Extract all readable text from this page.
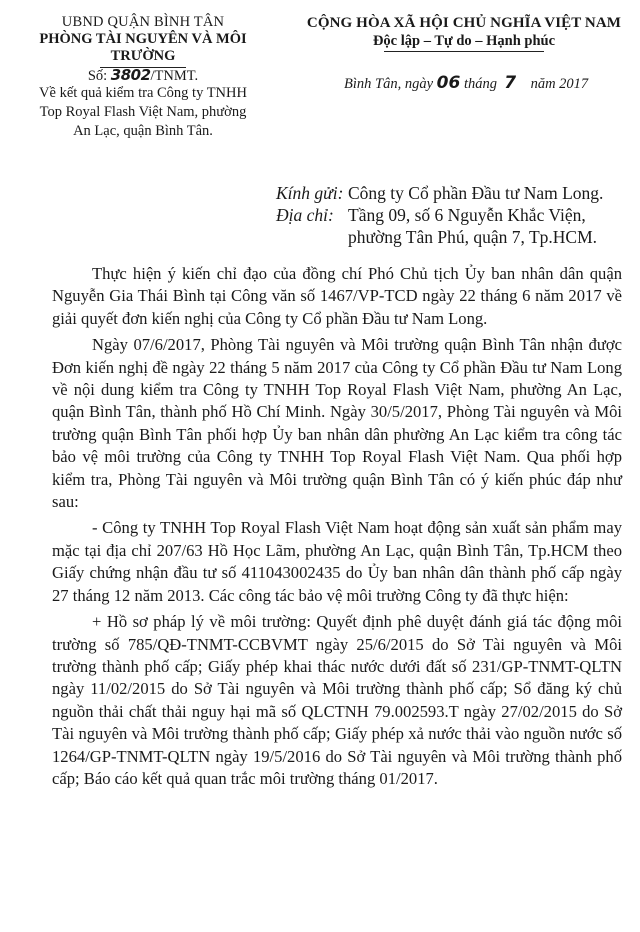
UBND QUẬN BÌNH TÂN
PHÒNG TÀI NGUYÊN VÀ MÔI TRƯỜNG
CỘNG HÒA XÃ HỘI CHỦ NGHĨA VIỆT NAM
Độc lập – Tự do – Hạnh phúc
Số: 3802/TNMT.	Bình Tân, ngày 06 tháng 7 năm 2017
Về kết quả kiểm tra Công ty TNHH
Top Royal Flash Việt Nam, phường
An Lạc, quận Bình Tân.
Kính gửi: Công ty Cổ phần Đầu tư Nam Long.
Địa chỉ: Tầng 09, số 6 Nguyễn Khắc Viện,
phường Tân Phú, quận 7, Tp.HCM.

Thực hiện ý kiến chỉ đạo của đồng chí Phó Chủ tịch Ủy ban nhân dân quận Nguyễn Gia Thái Bình tại Công văn số 1467/VP-TCD ngày 22 tháng 6 năm 2017 về giải quyết đơn kiến nghị của Công ty Cổ phần Đầu tư Nam Long.

Ngày 07/6/2017, Phòng Tài nguyên và Môi trường quận Bình Tân nhận được Đơn kiến nghị đề ngày 22 tháng 5 năm 2017 của Công ty Cổ phần Đầu tư Nam Long về nội dung kiểm tra Công ty TNHH Top Royal Flash Việt Nam, phường An Lạc, quận Bình Tân, thành phố Hồ Chí Minh. Ngày 30/5/2017, Phòng Tài nguyên và Môi trường quận Bình Tân phối hợp Ủy ban nhân dân phường An Lạc kiểm tra công tác bảo vệ môi trường của Công ty TNHH Top Royal Flash Việt Nam. Qua phối hợp kiểm tra, Phòng Tài nguyên và Môi trường quận Bình Tân có ý kiến phúc đáp như sau:

- Công ty TNHH Top Royal Flash Việt Nam hoạt động sản xuất sản phẩm may mặc tại địa chỉ 207/63 Hồ Học Lãm, phường An Lạc, quận Bình Tân, Tp.HCM theo Giấy chứng nhận đầu tư số 411043002435 do Ủy ban nhân dân thành phố cấp ngày 27 tháng 12 năm 2013. Các công tác bảo vệ môi trường Công ty đã thực hiện:

+ Hồ sơ pháp lý về môi trường: Quyết định phê duyệt đánh giá tác động môi trường số 785/QĐ-TNMT-CCBVMT ngày 25/6/2015 do Sở Tài nguyên và Môi trường thành phố cấp; Giấy phép khai thác nước dưới đất số 231/GP-TNMT-QLTN ngày 11/02/2015 do Sở Tài nguyên và Môi trường thành phố cấp; Sổ đăng ký chủ nguồn thải chất thải nguy hại mã số QLCTNH 79.002593.T ngày 27/02/2015 do Sở Tài nguyên và Môi trường thành phố cấp; Giấy phép xả nước thải vào nguồn nước số 1264/GP-TNMT-QLTN ngày 19/5/2016 do Sở Tài nguyên và Môi trường thành phố cấp; Báo cáo kết quả quan trắc môi trường tháng 01/2017.
